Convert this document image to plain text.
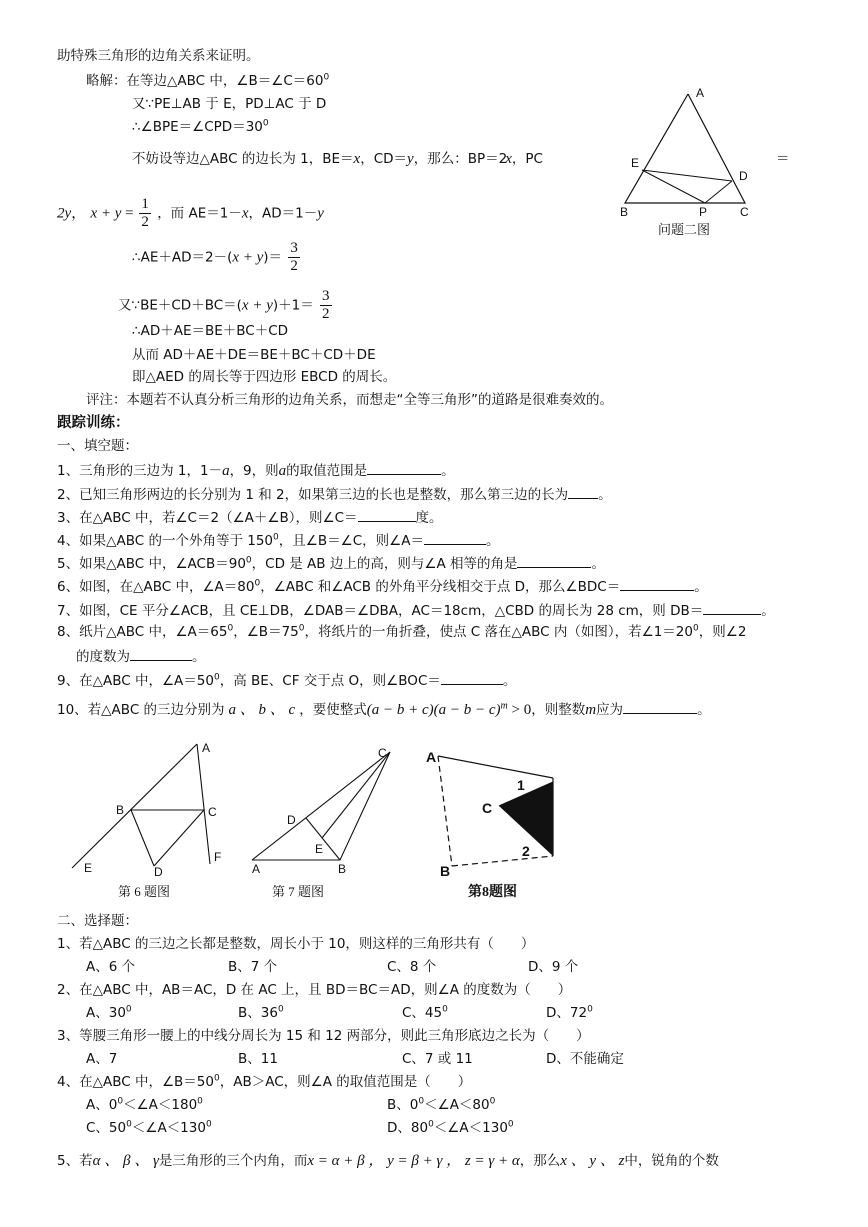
助特殊三角形的边角关系来证明。
略解：在等边△ABC 中，$\angle B=\angle C=60^0$
又∵PE⊥AB 于 E，PD⊥AC 于 D
$\therefore\angle BPE=\angle CPD=30^0$
不妨设等边△ABC 的边长为 1，BE＝x，CD＝y，那么：BP＝2x，PC	＝
2y， $x + y = \frac{1}{2}$ ，而 AE＝1－x，AD＝1－y
∴AE＋AD＝2－(x + $y)= \frac{3}{2}$
又∵BE＋CD＋BC＝(x + $y)+1= \frac{3}{2}$
∴AD＋AE＝BE＋BC＋CD
从而 AD＋AE＋DE＝BE＋BC＋CD＋DE
即△AED 的周长等于四边形 EBCD 的周长。
评注：本题若不认真分析三角形的边角关系，而想走“全等三角形”的道路是很难奏效的。
A
E
D
B	P	C
问题二图
跟踪训练：
一、填空题：
1、三角形的三边为 1，1－a，9，则a的取值范围是	。
2、已知三角形两边的长分别为 1 和 2，如果第三边的长也是整数，那么第三边的长为 。
3、在△ABC 中，若∠C＝2（∠A＋∠B），则∠C＝	度。
4、如果△ABC 的一个外角等于 $150^0$，且∠B＝∠C，则∠A＝	。
5、如果△ABC 中，$\angle ACB=90^0$，CD 是 AB 边上的高，则与∠A 相等的角是	。
6、如图，在△ABC 中，$\angle A=80^0$，∠ABC 和∠ACB 的外角平分线相交于点 D，那么∠BDC＝	。
7、如图，CE 平分∠ACB，且 CE⊥DB，∠DAB＝∠DBA，AC＝18cm，△CBD 的周长为 28 cm，则 DB＝	。
8、纸片△ABC 中，$\angle A=65^0$，$\angle B=75^0$，将纸片的一角折叠，使点 C 落在△ABC 内（如图），若$\angle 1=20^0$，则∠2
的度数为	。
9、在△ABC 中，$\angle A=50^0$，高 BE、CF 交于点 O，则∠BOC＝	。
10、若△ABC 的三边分别为 a 、 b 、 c ，要使整式$(a - b + c)(a - b - c)^m > 0$，则整数m应为	。
A
B	C
D
E
F
第 6 题图
A	B
C
D
E
第 7 题图
A
C
B
1
2
第8题图
二、选择题：
1、若△ABC 的三边之长都是整数，周长小于 10，则这样的三角形共有（　　）
A、6 个	B、7 个	C、8 个	D、9 个
2、在△ABC 中，AB＝AC，D 在 AC 上，且 BD＝BC＝AD，则∠A 的度数为（　　）
A、$30^0$	B、$36^0$	C、$45^0$	D、$72^0$
3、等腰三角形一腰上的中线分周长为 15 和 12 两部分，则此三角形底边之长为（　　）
A、7	B、11	C、7 或 11	D、不能确定
4、在△ABC 中，$\angle B=50^0$，AB＞AC，则∠A 的取值范围是（　　）
A、$0^0<\angle A<180^0$	B、$0^0<\angle A<80^0$
C、$50^0<\angle A<130^0$	D、$80^0<\angle A<130^0$
5、若α 、 β 、 γ是三角形的三个内角，而x = α + β ， y = β + γ ， z = γ + α，那么x 、 y 、 z中，锐角的个数
